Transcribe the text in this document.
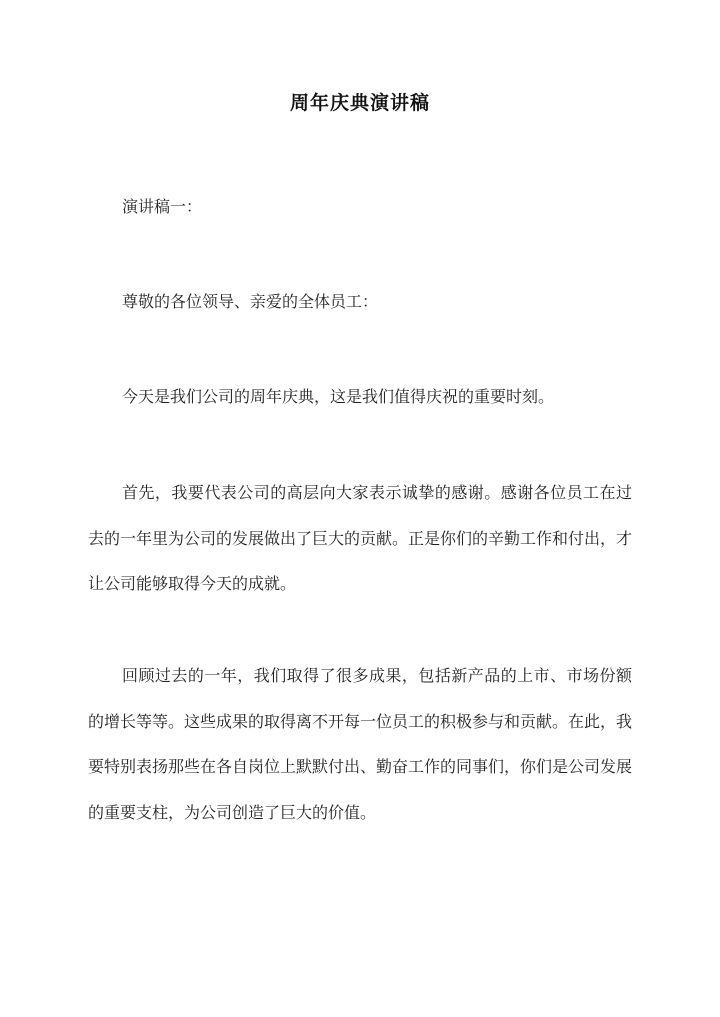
周年庆典演讲稿

演讲稿一：

尊敬的各位领导、亲爱的全体员工：

今天是我们公司的周年庆典，这是我们值得庆祝的重要时刻。

首先，我要代表公司的高层向大家表示诚挚的感谢。感谢各位员工在过去的一年里为公司的发展做出了巨大的贡献。正是你们的辛勤工作和付出，才让公司能够取得今天的成就。

回顾过去的一年，我们取得了很多成果，包括新产品的上市、市场份额的增长等等。这些成果的取得离不开每一位员工的积极参与和贡献。在此，我要特别表扬那些在各自岗位上默默付出、勤奋工作的同事们，你们是公司发展的重要支柱，为公司创造了巨大的价值。
